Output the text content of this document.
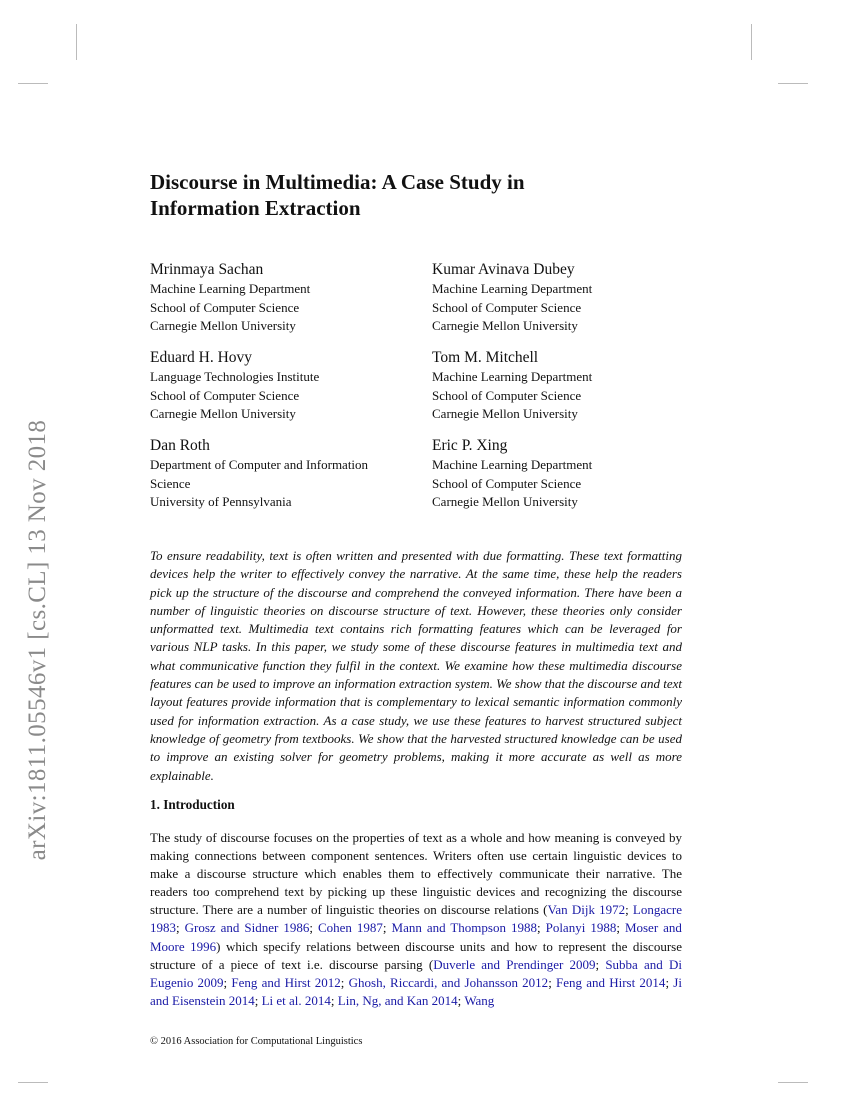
arXiv:1811.05546v1 [cs.CL] 13 Nov 2018
Discourse in Multimedia: A Case Study in
Information Extraction
Mrinmaya Sachan
Machine Learning Department
School of Computer Science
Carnegie Mellon University
Kumar Avinava Dubey
Machine Learning Department
School of Computer Science
Carnegie Mellon University
Eduard H. Hovy
Language Technologies Institute
School of Computer Science
Carnegie Mellon University
Tom M. Mitchell
Machine Learning Department
School of Computer Science
Carnegie Mellon University
Dan Roth
Department of Computer and Information
Science
University of Pennsylvania
Eric P. Xing
Machine Learning Department
School of Computer Science
Carnegie Mellon University

To ensure readability, text is often written and presented with due formatting. These text formatting devices help the writer to effectively convey the narrative. At the same time, these help the readers pick up the structure of the discourse and comprehend the conveyed information. There have been a number of linguistic theories on discourse structure of text. However, these theories only consider unformatted text. Multimedia text contains rich formatting features which can be leveraged for various NLP tasks. In this paper, we study some of these discourse features in multimedia text and what communicative function they fulfil in the context. We examine how these multimedia discourse features can be used to improve an information extraction system. We show that the discourse and text layout features provide information that is complementary to lexical semantic information commonly used for information extraction. As a case study, we use these features to harvest structured subject knowledge of geometry from textbooks. We show that the harvested structured knowledge can be used to improve an existing solver for geometry problems, making it more accurate as well as more explainable.

1. Introduction

The study of discourse focuses on the properties of text as a whole and how meaning is conveyed by making connections between component sentences. Writers often use certain linguistic devices to make a discourse structure which enables them to effectively communicate their narrative. The readers too comprehend text by picking up these linguistic devices and recognizing the discourse structure. There are a number of linguistic theories on discourse relations (Van Dijk 1972; Longacre 1983; Grosz and Sidner 1986; Cohen 1987; Mann and Thompson 1988; Polanyi 1988; Moser and Moore 1996) which specify relations between discourse units and how to represent the discourse structure of a piece of text i.e. discourse parsing (Duverle and Prendinger 2009; Subba and Di Eugenio 2009; Feng and Hirst 2012; Ghosh, Riccardi, and Johansson 2012; Feng and Hirst 2014; Ji and Eisenstein 2014; Li et al. 2014; Lin, Ng, and Kan 2014; Wang

© 2016 Association for Computational Linguistics
